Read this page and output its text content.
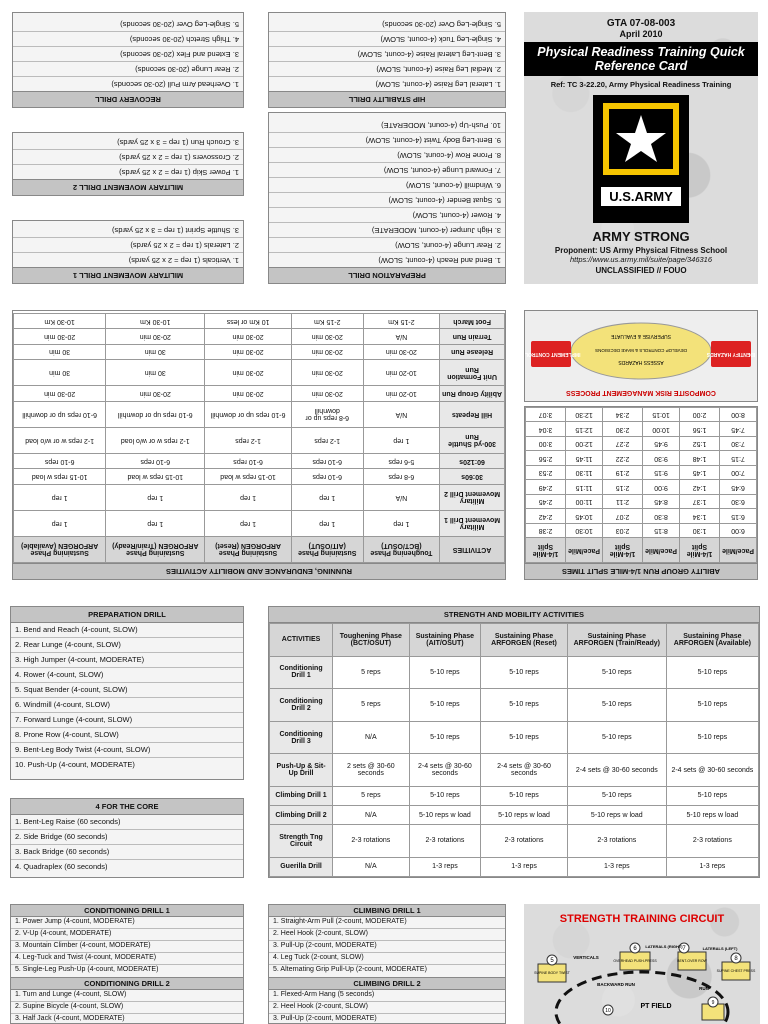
RECOVERY DRILL
1. Overhead Arm Pull (20-30 seconds)
2. Rear Lunge (20-30 seconds)
3. Extend and Flex (20-30 seconds)
4. Thigh Stretch (20-30 seconds)
5. Single-Leg Over (20-30 seconds)
MILITARY MOVEMENT DRILL 2
1. Power Skip (1 rep = 2 x 25 yards)
2. Crossovers (1 rep = 2 x 25 yards)
3. Crouch Run (1 rep = 3 x 25 yards)
MILITARY MOVEMENT DRILL 1
1. Verticals (1 rep = 2 x 25 yards)
2. Laterals (1 rep = 2 x 25 yards)
3. Shuttle Sprint (1 rep = 3 x 25 yards)
HIP STABILITY DRILL
1. Lateral Leg Raise (4-count, SLOW)
2. Medial Leg Raise (4-count, SLOW)
3. Bent-Leg Lateral Raise (4-count, SLOW)
4. Single-Leg Tuck (4-count, SLOW)
5. Single-Leg Over (20-30 seconds)
PREPARATION DRILL
1. Bend and Reach (4-count, SLOW)
2. Rear Lunge (4-count, SLOW)
3. High Jumper (4-count, MODERATE)
4. Rower (4-count, SLOW)
5. Squat Bender (4-count, SLOW)
6. Windmill (4-count, SLOW)
7. Forward Lunge (4-count, SLOW)
8. Prone Row (4-count, SLOW)
9. Bent-Leg Body Twist (4-count, SLOW)
10. Push-Up (4-count, MODERATE)
GTA 07-08-003
April 2010
Physical Readiness Training Quick Reference Card
Ref: TC 3-22.20, Army Physical Readiness Training
U.S.ARMY
ARMY STRONG
Proponent: US Army Physical Fitness School
https://www.us.army.mil/suite/page/346316
UNCLASSIFIED // FOUO
RUNNING, ENDURANCE AND MOBILITY ACTIVITIES
ACTIVITIES	Toughening Phase (BCT/OSUT)	Sustaining Phase (AIT/OSUT)	Sustaining Phase ARFORGEN (Reset)	Sustaining Phase ARFORGEN (Train/Ready)	Sustaining Phase ARFORGEN (Available)
Military Movement Drill 1	1 rep	1 rep	1 rep	1 rep	1 rep
Military Movement Drill 2	N/A	1 rep	1 rep	1 rep	1 rep
30:60s	6-8 reps	6-10 reps	10-15 reps w load	10-15 reps w load	10-15 reps w load
60:120s	5-6 reps	6-10 reps	6-10 reps	6-10 reps	6-10 reps
300-yd Shuttle Run	1 rep	1-2 reps	1-2 reps	1-2 reps w or w/o load	1-2 reps w or w/o load
Hill Repeats	N/A	6-8 reps up or downhill	6-10 reps up or downhill	6-10 reps up or downhill	6-10 reps up or downhill
Ability Group Run	10-20 min	20-30 min	20-30 min	20-30 min	20-30 min
Unit Formation Run	10-20 min	20-30 min	20-30 min	30 min	30 min
Release Run	20-30 min	20-30 min	20-30 min	30 min	30 min
Terrain Run	N/A	20-30 min	20-30 min	20-30 min	20-30 min
Foot March	2-15 Km	2-15 Km	10 Km or less	10-30 Km	10-30 Km
COMPOSITE RISK MANAGEMENT PROCESS
IDENTIFY HAZARDS
ASSESS HAZARDS
DEVELOP CONTROLS & MAKE DECISIONS
IMPLEMENT CONTROLS
SUPERVISE & EVALUATE
ABILITY GROUP RUN 1/4-MILE SPLIT TIMES
Pace/Mile	1/4-Mile Split	Pace/Mile	1/4-Mile Split	Pace/Mile	1/4-Mile Split
6:00	1:30	8:15	2:03	10:30	2:38
6:15	1:34	8:30	2:07	10:45	2:42
6:30	1:37	8:45	2:11	11:00	2:45
6:45	1:42	9:00	2:15	11:15	2:49
7:00	1:45	9:15	2:19	11:30	2:53
7:15	1:48	9:30	2:22	11:45	2:56
7:30	1:52	9:45	2:27	12:00	3:00
7:45	1:56	10:00	2:30	12:15	3:04
8:00	2:00	10:15	2:34	12:30	3:07
PREPARATION DRILL
1. Bend and Reach (4-count, SLOW)
2. Rear Lunge (4-count, SLOW)
3. High Jumper (4-count, MODERATE)
4. Rower (4-count, SLOW)
5. Squat Bender (4-count, SLOW)
6. Windmill (4-count, SLOW)
7. Forward Lunge (4-count, SLOW)
8. Prone Row (4-count, SLOW)
9. Bent-Leg Body Twist (4-count, SLOW)
10. Push-Up (4-count, MODERATE)
4 FOR THE CORE
1. Bent-Leg Raise (60 seconds)
2. Side Bridge (60 seconds)
3. Back Bridge (60 seconds)
4. Quadraplex (60 seconds)
STRENGTH AND MOBILITY ACTIVITIES
ACTIVITIES	Toughening Phase (BCT/OSUT)	Sustaining Phase (AIT/OSUT)	Sustaining Phase ARFORGEN (Reset)	Sustaining Phase ARFORGEN (Train/Ready)	Sustaining Phase ARFORGEN (Available)
Conditioning Drill 1	5 reps	5-10 reps	5-10 reps	5-10 reps	5-10 reps
Conditioning Drill 2	5 reps	5-10 reps	5-10 reps	5-10 reps	5-10 reps
Conditioning Drill 3	N/A	5-10 reps	5-10 reps	5-10 reps	5-10 reps
Push-Up & Sit-Up Drill	2 sets @ 30-60 seconds	2-4 sets @ 30-60 seconds	2-4 sets @ 30-60 seconds	2-4 sets @ 30-60 seconds	2-4 sets @ 30-60 seconds
Climbing Drill 1	5 reps	5-10 reps	5-10 reps	5-10 reps	5-10 reps
Climbing Drill 2	N/A	5-10 reps w load	5-10 reps w load	5-10 reps w load	5-10 reps w load
Strength Tng Circuit	2-3 rotations	2-3 rotations	2-3 rotations	2-3 rotations	2-3 rotations
Guerilla Drill	N/A	1-3 reps	1-3 reps	1-3 reps	1-3 reps
CONDITIONING DRILL 1
1. Power Jump (4-count, MODERATE)
2. V-Up (4-count, MODERATE)
3. Mountain Climber (4-count, MODERATE)
4. Leg-Tuck and Twist (4-count, MODERATE)
5. Single-Leg Push-Up (4-count, MODERATE)
CONDITIONING DRILL 2
1. Turn and Lunge (4-count, SLOW)
2. Supine Bicycle (4-count, SLOW)
3. Half Jack (4-count, MODERATE)
CLIMBING DRILL 1
1. Straight-Arm Pull (2-count, MODERATE)
2. Heel Hook (2-count, SLOW)
3. Pull-Up (2-count, MODERATE)
4. Leg Tuck (2-count, SLOW)
5. Alternating Grip Pull-Up (2-count, MODERATE)
CLIMBING DRILL 2
1. Flexed-Arm Hang (5 seconds)
2. Heel Hook (2-count, SLOW)
3. Pull-Up (2-count, MODERATE)
STRENGTH TRAINING CIRCUIT
SUPINE BODY TWIST
5	OVERHEAD PUSH-PRESS
6
BENT-OVER ROW
7
SUPINE CHEST PRESS
8
VERTICALS
LATERALS (RIGHT)	LATERALS (LEFT)
BACKWARD RUN
RUN
PT FIELD
10
9
